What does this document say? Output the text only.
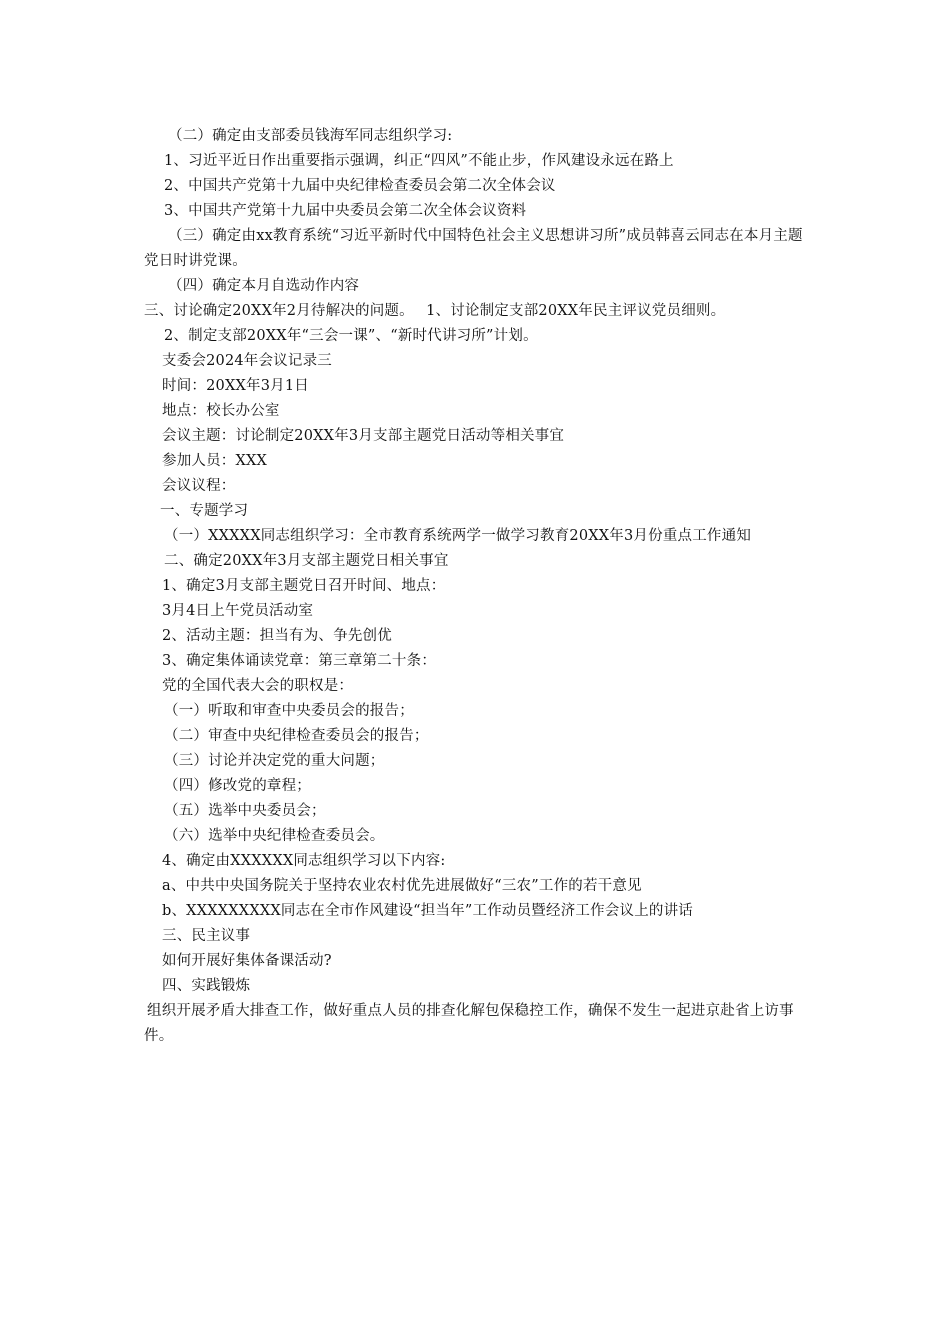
（二）确定由支部委员钱海军同志组织学习:
1、习近平近日作出重要指示强调，纠正“四风”不能止步，作风建设永远在路上
2、中国共产党第十九届中央纪律检查委员会第二次全体会议
3、中国共产党第十九届中央委员会第二次全体会议资料
（三）确定由xx教育系统“习近平新时代中国特色社会主义思想讲习所”成员韩喜云同志在本月主题党日时讲党课。
（四）确定本月自选动作内容
三、讨论确定20XX年2月待解决的问题。　 1、讨论制定支部20XX年民主评议党员细则。
2、制定支部20XX年“三会一课”、“新时代讲习所”计划。
支委会2024年会议记录三
时间：20XX年3月1日
地点：校长办公室
会议主题：讨论制定20XX年3月支部主题党日活动等相关事宜
参加人员：XXX
会议议程：
一、专题学习
（一）XXXXX同志组织学习：全市教育系统两学一做学习教育20XX年3月份重点工作通知
二、确定20XX年3月支部主题党日相关事宜
1、确定3月支部主题党日召开时间、地点：
3月4日上午党员活动室
2、活动主题：担当有为、争先创优
3、确定集体诵读党章：第三章第二十条：
党的全国代表大会的职权是：
（一）听取和审查中央委员会的报告；
（二）审查中央纪律检查委员会的报告；
（三）讨论并决定党的重大问题；
（四）修改党的章程；
（五）选举中央委员会；
（六）选举中央纪律检查委员会。
4、确定由XXXXXX同志组织学习以下内容:
a、中共中央国务院关于坚持农业农村优先进展做好“三农”工作的若干意见
b、XXXXXXXXX同志在全市作风建设“担当年”工作动员暨经济工作会议上的讲话
三、民主议事
如何开展好集体备课活动?
四、实践锻炼
组织开展矛盾大排查工作，做好重点人员的排查化解包保稳控工作，确保不发生一起进京赴省上访事件。
